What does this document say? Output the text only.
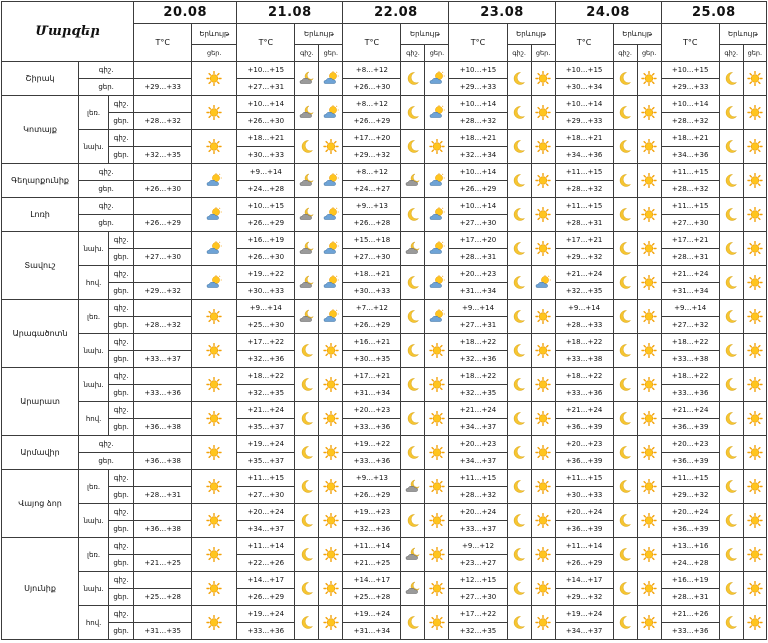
Մարզեր			20.08		21.08			22.08			23.08			24.08			25.08		
			T°C	Երևույթ	T°C	Երևույթ		T°C	Երևույթ		T°C	Երևույթ		T°C	Երևույթ		T°C	Երևույթ	
				ցեր.		գիշ.	ցեր.		գիշ.	ցեր.		գիշ.	ցեր.		գիշ.	ցեր.		գիշ.	ցեր.
Շիրակ	գիշ.				+10…+15			+8…+12			+10…+15			+10…+15			+10…+15	

	ցեր.		+29…+33		+27…+31			+26…+30			+29…+33			+30…+34			+29…+33		
Կոտայք	լեռ.	գիշ.			+10…+14			+8…+12			+10…+14			+10…+14			+10…+14	

		ցեր.	+28…+32		+26…+30			+26…+29			+28…+32			+29…+33			+28…+32		
	նախ.	գիշ.			+18…+21			+17…+20			+18…+21			+18…+21			+18…+21	

		ցեր.	+32…+35		+30…+33			+29…+32			+32…+34			+34…+36			+34…+36		
Գեղարքունիք	գիշ.				+9…+14			+8…+12			+10…+14			+11…+15			+11…+15	

	ցեր.		+26…+30		+24…+28			+24…+27			+26…+29			+28…+32			+28…+32		
Լոռի	գիշ.				+10…+15			+9…+13			+10…+14			+11…+15			+11…+15	

	ցեր.		+26…+29		+26…+29			+26…+28			+27…+30			+28…+31			+27…+30		
Տավուշ	նախ.	գիշ.			+16…+19			+15…+18			+17…+20			+17…+21			+17…+21	

		ցեր.	+27…+30		+26…+30			+27…+30			+28…+31			+29…+32			+28…+31		
	հով.	գիշ.			+19…+22			+18…+21			+20…+23			+21…+24			+21…+24	

		ցեր.	+29…+32		+30…+33			+30…+33			+31…+34			+32…+35			+31…+34		
Արագածոտն	լեռ.	գիշ.			+9…+14			+7…+12			+9…+14			+9…+14			+9…+14	

		ցեր.	+28…+32		+25…+30			+26…+29			+27…+31			+28…+33			+27…+32		
	նախ.	գիշ.			+17…+22			+16…+21			+18…+22			+18…+22			+18…+22	

		ցեր.	+33…+37		+32…+36			+30…+35			+32…+36			+33…+38			+33…+38		
Արարատ	նախ.	գիշ.			+18…+22			+17…+21			+18…+22			+18…+22			+18…+22	

		ցեր.	+33…+36		+32…+35			+31…+34			+32…+35			+33…+36			+33…+36		
	հով.	գիշ.			+21…+24			+20…+23			+21…+24			+21…+24			+21…+24	

		ցեր.	+36…+38		+35…+37			+33…+36			+34…+37			+36…+39			+36…+39		
Արմավիր	գիշ.				+19…+24			+19…+22			+20…+23			+20…+23			+20…+23	

	ցեր.		+36…+38		+35…+37			+33…+36			+34…+37			+36…+39			+36…+39		
Վայոց ձոր	լեռ.	գիշ.			+11…+15			+9…+13			+11…+15			+11…+15			+11…+15	

		ցեր.	+28…+31		+27…+30			+26…+29			+28…+32			+30…+33			+29…+32		
	նախ.	գիշ.			+20…+24			+19…+23			+20…+24			+20…+24			+20…+24	

		ցեր.	+36…+38		+34…+37			+32…+36			+33…+37			+36…+39			+36…+39		
Սյունիք	լեռ.	գիշ.			+11…+14			+11…+14			+9…+12			+11…+14			+13…+16	

		ցեր.	+21…+25		+22…+26			+21…+25			+23…+27			+26…+29			+24…+28		
	նախ.	գիշ.			+14…+17			+14…+17			+12…+15			+14…+17			+16…+19	

		ցեր.	+25…+28		+26…+29			+25…+28			+27…+30			+29…+32			+28…+31		
	հով.	գիշ.			+19…+24			+19…+24			+17…+22			+19…+24			+21…+26	

		ցեր.	+31…+35		+33…+36			+31…+34			+32…+35			+34…+37			+33…+36		
